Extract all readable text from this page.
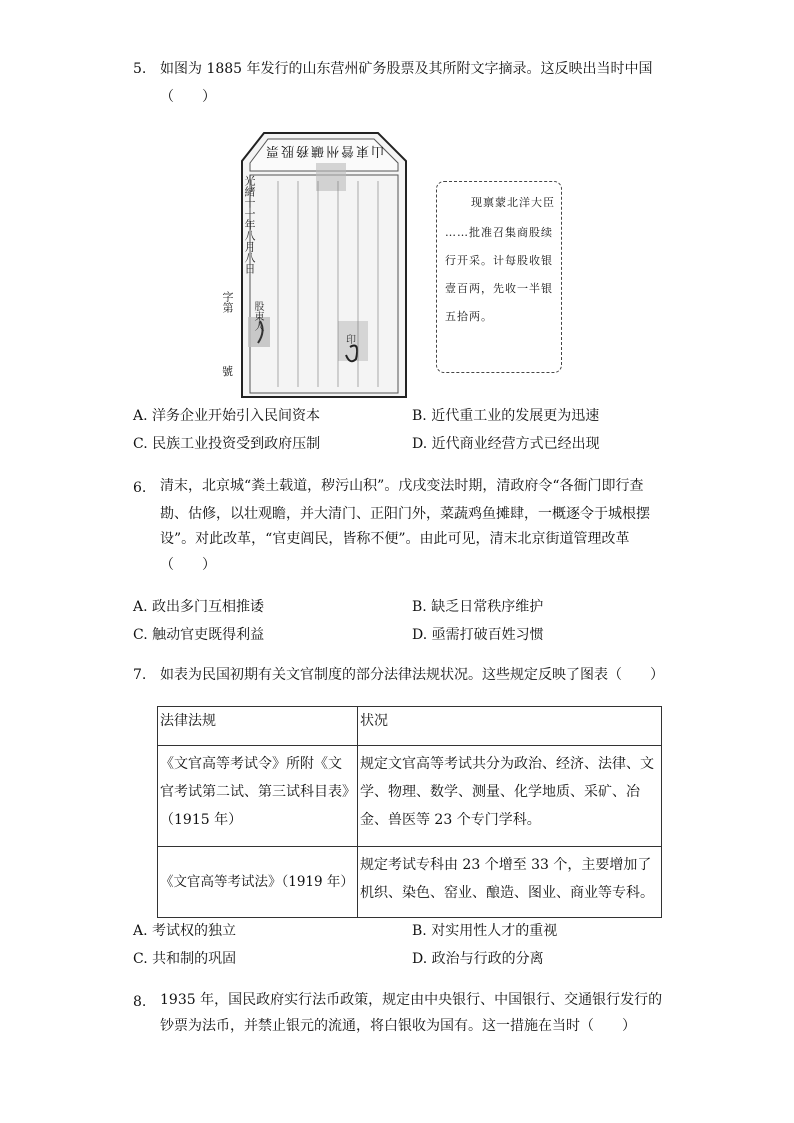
5. 如图为 1885 年发行的山东营州矿务股票及其所附文字摘录。这反映出当时中国
（　　）
山東營州礦務股票
光緒十一年八月八日
字第
號
股東人
印
现禀蒙北洋大臣
……批准召集商股续
行开采。计每股收银
壹百两，先收一半银
五拾两。
A. 洋务企业开始引入民间资本	B. 近代重工业的发展更为迅速
C. 民族工业投资受到政府压制	D. 近代商业经营方式已经出现
6. 清末，北京城“粪土载道，秽污山积”。戊戌变法时期，清政府令“各衙门即行查
勘、估修，以壮观瞻，并大清门、正阳门外，菜蔬鸡鱼摊肆，一概逐令于城根摆
设”。对此改革，“官吏阊民，皆称不便”。由此可见，清末北京街道管理改革
（　　）
A. 政出多门互相推诿	B. 缺乏日常秩序维护
C. 触动官吏既得利益	D. 亟需打破百姓习惯
7. 如表为民国初期有关文官制度的部分法律法规状况。这些规定反映了图表（　　）
法律法规	状况
《文官高等考试令》所附《文官考试第二试、第三试科目表》（1915 年）	规定文官高等考试共分为政治、经济、法律、文学、物理、数学、测量、化学地质、采矿、冶金、兽医等 23 个专门学科。
《文官高等考试法》（1919 年）	规定考试专科由 23 个增至 33 个，主要增加了机织、染色、窑业、酿造、图业、商业等专科。
A. 考试权的独立	B. 对实用性人才的重视
C. 共和制的巩固	D. 政治与行政的分离
8. 1935 年，国民政府实行法币政策，规定由中央银行、中国银行、交通银行发行的
钞票为法币，并禁止银元的流通，将白银收为国有。这一措施在当时（　　）
